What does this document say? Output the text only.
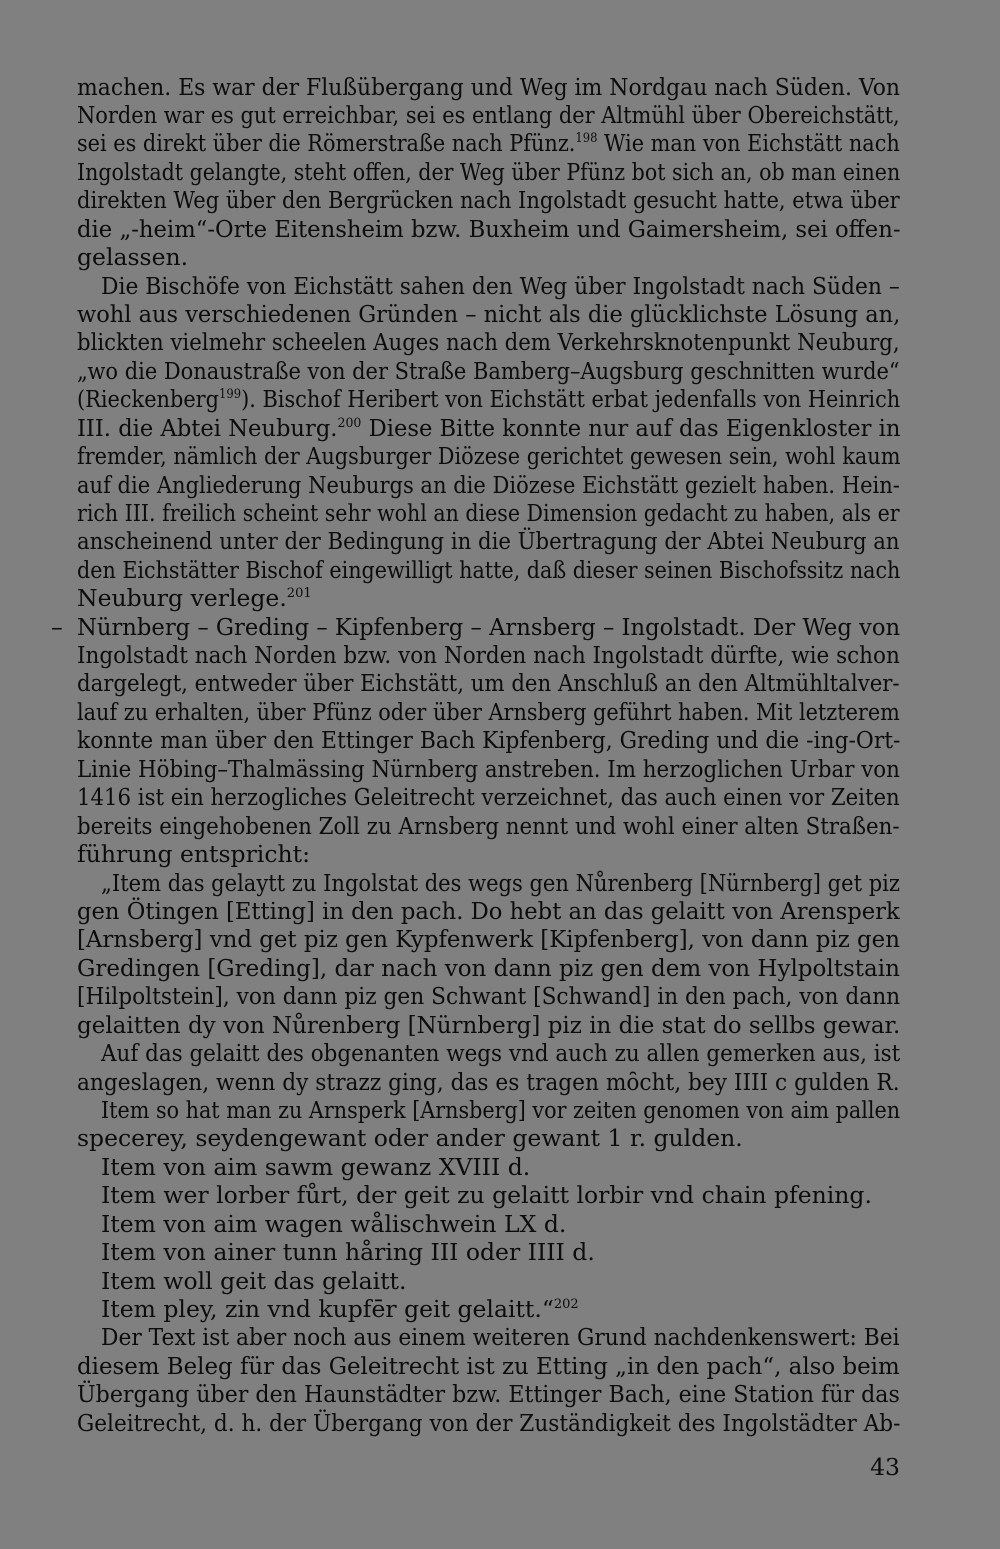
machen. Es war der Flußübergang und Weg im Nordgau nach Süden. Von
Norden war es gut erreichbar, sei es entlang der Altmühl über Obereichstätt,
sei es direkt über die Römerstraße nach Pfünz.$^{198}$ Wie man von Eichstätt nach
Ingolstadt gelangte, steht offen, der Weg über Pfünz bot sich an, ob man einen
direkten Weg über den Bergrücken nach Ingolstadt gesucht hatte, etwa über
die „-heim“-Orte Eitensheim bzw. Buxheim und Gaimersheim, sei offen-
gelassen.
Die Bischöfe von Eichstätt sahen den Weg über Ingolstadt nach Süden –
wohl aus verschiedenen Gründen – nicht als die glücklichste Lösung an,
blickten vielmehr scheelen Auges nach dem Verkehrsknotenpunkt Neuburg,
„wo die Donaustraße von der Straße Bamberg–Augsburg geschnitten wurde“
(Rieckenberg$^{199}$). Bischof Heribert von Eichstätt erbat jedenfalls von Heinrich
III. die Abtei Neuburg.$^{200}$ Diese Bitte konnte nur auf das Eigenkloster in
fremder, nämlich der Augsburger Diözese gerichtet gewesen sein, wohl kaum
auf die Angliederung Neuburgs an die Diözese Eichstätt gezielt haben. Hein-
rich III. freilich scheint sehr wohl an diese Dimension gedacht zu haben, als er
anscheinend unter der Bedingung in die Übertragung der Abtei Neuburg an
den Eichstätter Bischof eingewilligt hatte, daß dieser seinen Bischofssitz nach
Neuburg verlege.$^{201}$
Nürnberg – Greding – Kipfenberg – Arnsberg – Ingolstadt. Der Weg von
Ingolstadt nach Norden bzw. von Norden nach Ingolstadt dürfte, wie schon
dargelegt, entweder über Eichstätt, um den Anschluß an den Altmühltalver-
lauf zu erhalten, über Pfünz oder über Arnsberg geführt haben. Mit letzterem
konnte man über den Ettinger Bach Kipfenberg, Greding und die -ing-Ort-
Linie Höbing–Thalmässing Nürnberg anstreben. Im herzoglichen Urbar von
1416 ist ein herzogliches Geleitrecht verzeichnet, das auch einen vor Zeiten
bereits eingehobenen Zoll zu Arnsberg nennt und wohl einer alten Straßen-
führung entspricht:
„Item das gelaytt zu Ingolstat des wegs gen Nůrenberg [Nürnberg] get piz
gen Ötingen [Etting] in den pach. Do hebt an das gelaitt von Arensperk
[Arnsberg] vnd get piz gen Kypfenwerk [Kipfenberg], von dann piz gen
Gredingen [Greding], dar nach von dann piz gen dem von Hylpoltstain
[Hilpoltstein], von dann piz gen Schwant [Schwand] in den pach, von dann
gelaitten dy von Nůrenberg [Nürnberg] piz in die stat do sellbs gewar.
Auf das gelaitt des obgenanten wegs vnd auch zu allen gemerken aus, ist
angeslagen, wenn dy strazz ging, das es tragen mȏcht, bey IIII c gulden R.
Item so hat man zu Arnsperk [Arnsberg] vor zeiten genomen von aim pallen
specerey, seydengewant oder ander gewant 1 r. gulden.
Item von aim sawm gewanz XVIII d.
Item wer lorber fůrt, der geit zu gelaitt lorbir vnd chain pfening.
Item von aim wagen wålischwein LX d.
Item von ainer tunn håring III oder IIII d.
Item woll geit das gelaitt.
Item pley, zin vnd kupfēr geit gelaitt.“$^{202}$
Der Text ist aber noch aus einem weiteren Grund nachdenkenswert: Bei
diesem Beleg für das Geleitrecht ist zu Etting „in den pach“, also beim
Übergang über den Haunstädter bzw. Ettinger Bach, eine Station für das
Geleitrecht, d. h. der Übergang von der Zuständigkeit des Ingolstädter Ab-
–
43
